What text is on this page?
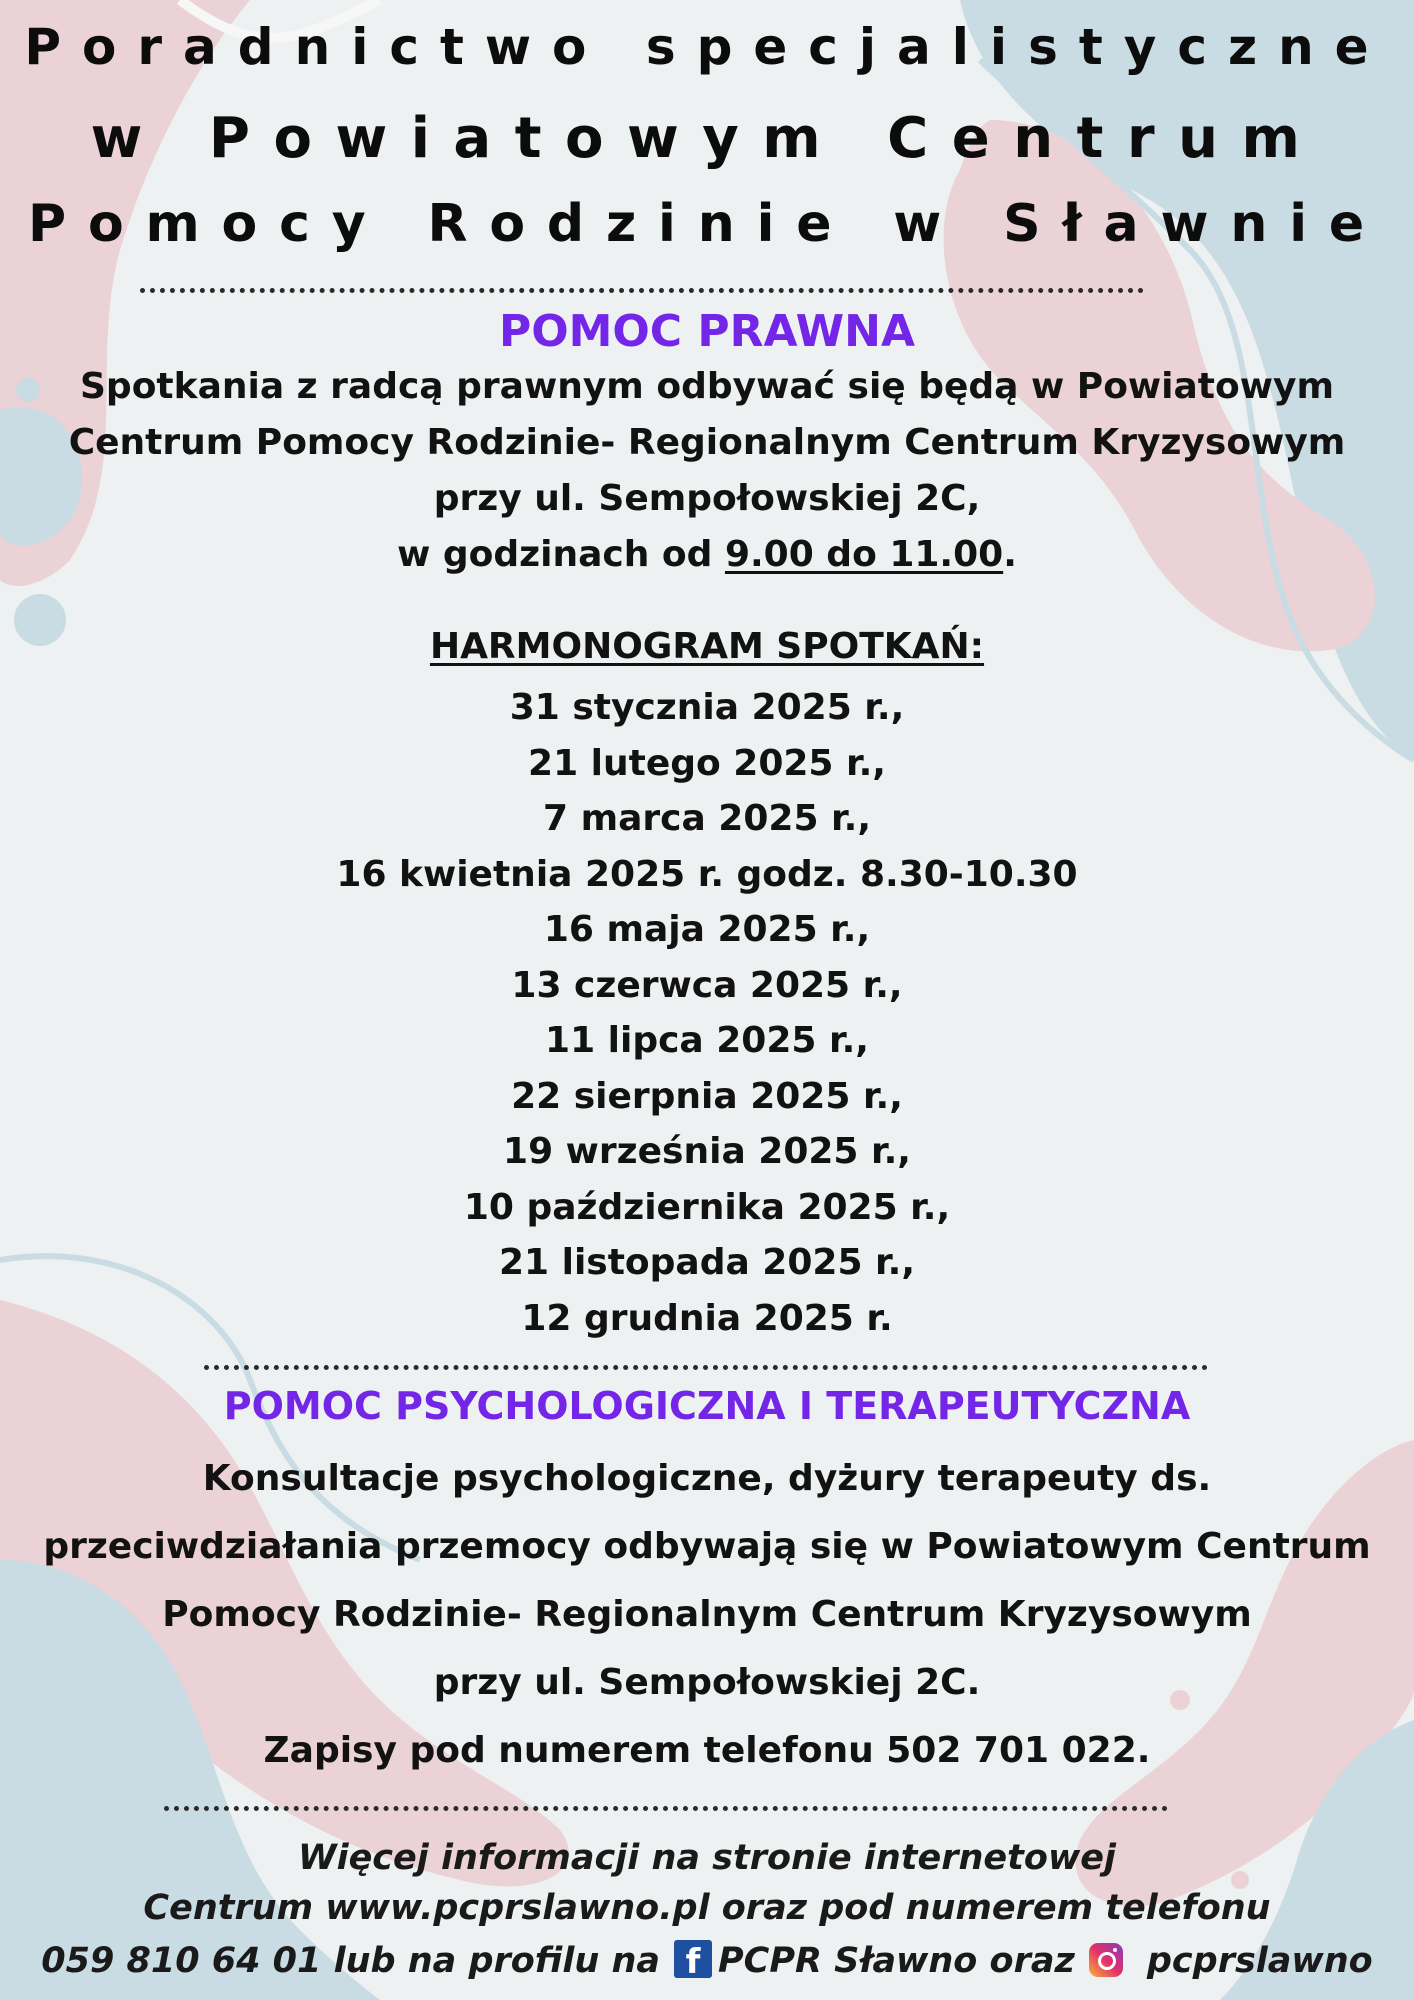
Poradnictwo specjalistyczne
w Powiatowym Centrum
Pomocy Rodzinie w Sławnie
POMOC PRAWNA
Spotkania z radcą prawnym odbywać się będą w Powiatowym
Centrum Pomocy Rodzinie- Regionalnym Centrum Kryzysowym
przy ul. Sempołowskiej 2C,
w godzinach od 9.00 do 11.00.
HARMONOGRAM SPOTKAŃ:
31 stycznia 2025 r.,
21 lutego 2025 r.,
7 marca 2025 r.,
16 kwietnia 2025 r. godz. 8.30-10.30
16 maja 2025 r.,
13 czerwca 2025 r.,
11 lipca 2025 r.,
22 sierpnia 2025 r.,
19 września 2025 r.,
10 października 2025 r.,
21 listopada 2025 r.,
12 grudnia 2025 r.
POMOC PSYCHOLOGICZNA I TERAPEUTYCZNA
Konsultacje psychologiczne, dyżury terapeuty ds.
przeciwdziałania przemocy odbywają się w Powiatowym Centrum
Pomocy Rodzinie- Regionalnym Centrum Kryzysowym
przy ul. Sempołowskiej 2C.
Zapisy pod numerem telefonu 502 701 022.
Więcej informacji na stronie internetowej
Centrum www.pcprslawno.pl oraz pod numerem telefonu
059 810 64 01 lub na profilu na f PCPR Sławno oraz pcprslawno
